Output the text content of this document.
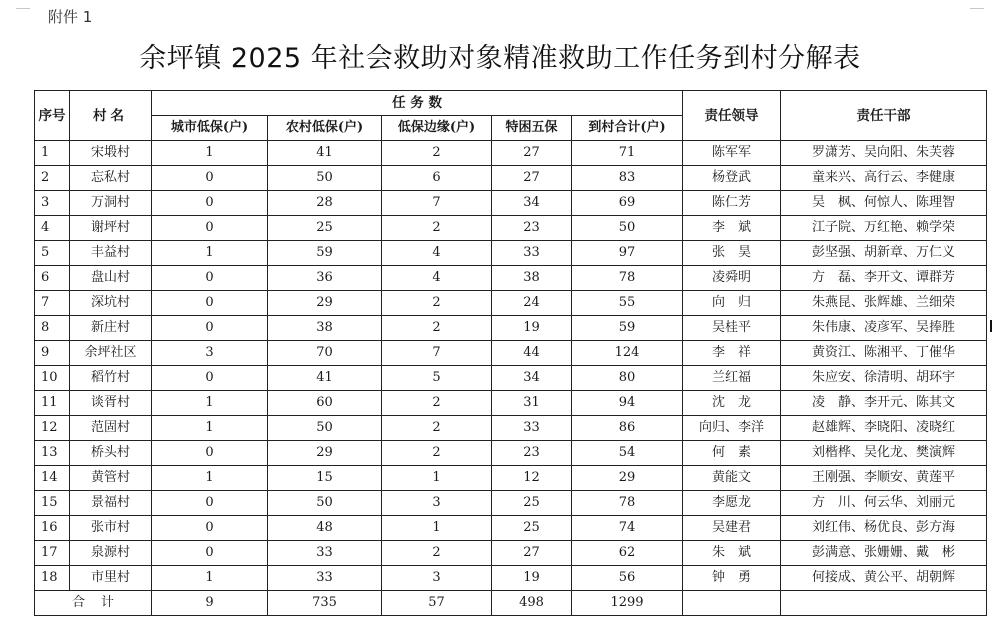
附件 1
余坪镇 2025 年社会救助对象精准救助工作任务到村分解表
序号	村名	任 务 数					责任领导	责任干部
		城市低保(户)	农村低保(户)	低保边缘(户)	特困五保	到村合计(户)		
1	宋塅村	1	41	2	27	71	陈军军	罗潇芳、吴向阳、朱芙蓉
2	忘私村	0	50	6	27	83	杨登武	童来兴、高行云、李健康
3	万洞村	0	28	7	34	69	陈仁芳	吴　枫、何惊人、陈理智
4	谢坪村	0	25	2	23	50	李　斌	江子院、万红艳、赖学荣
5	丰益村	1	59	4	33	97	张　昊	彭坚强、胡新章、万仁义
6	盘山村	0	36	4	38	78	凌舜明	方　磊、李开文、谭群芳
7	深坑村	0	29	2	24	55	向　归	朱燕昆、张辉雄、兰细荣
8	新庄村	0	38	2	19	59	吴桂平	朱伟康、凌彦军、吴捧胜
9	余坪社区	3	70	7	44	124	李　祥	黄资江、陈湘平、丁催华
10	稻竹村	0	41	5	34	80	兰红福	朱应安、徐清明、胡环宇
11	谈胥村	1	60	2	31	94	沈　龙	凌　静、李开元、陈其文
12	范固村	1	50	2	33	86	向归、李洋	赵雄辉、李晓阳、凌晓红
13	桥头村	0	29	2	23	54	何　素	刘楷桦、吴化龙、樊演辉
14	黄管村	1	15	1	12	29	黄能文	王刚强、李顺安、黄莲平
15	景福村	0	50	3	25	78	李愿龙	方　川、何云华、刘丽元
16	张市村	0	48	1	25	74	吴建君	刘红伟、杨优良、彭方海
17	泉源村	0	33	2	27	62	朱　斌	彭满意、张姗姗、戴　彬
18	市里村	1	33	3	19	56	钟　勇	何接成、黄公平、胡朝辉
合计		9	735	57	498	1299		
